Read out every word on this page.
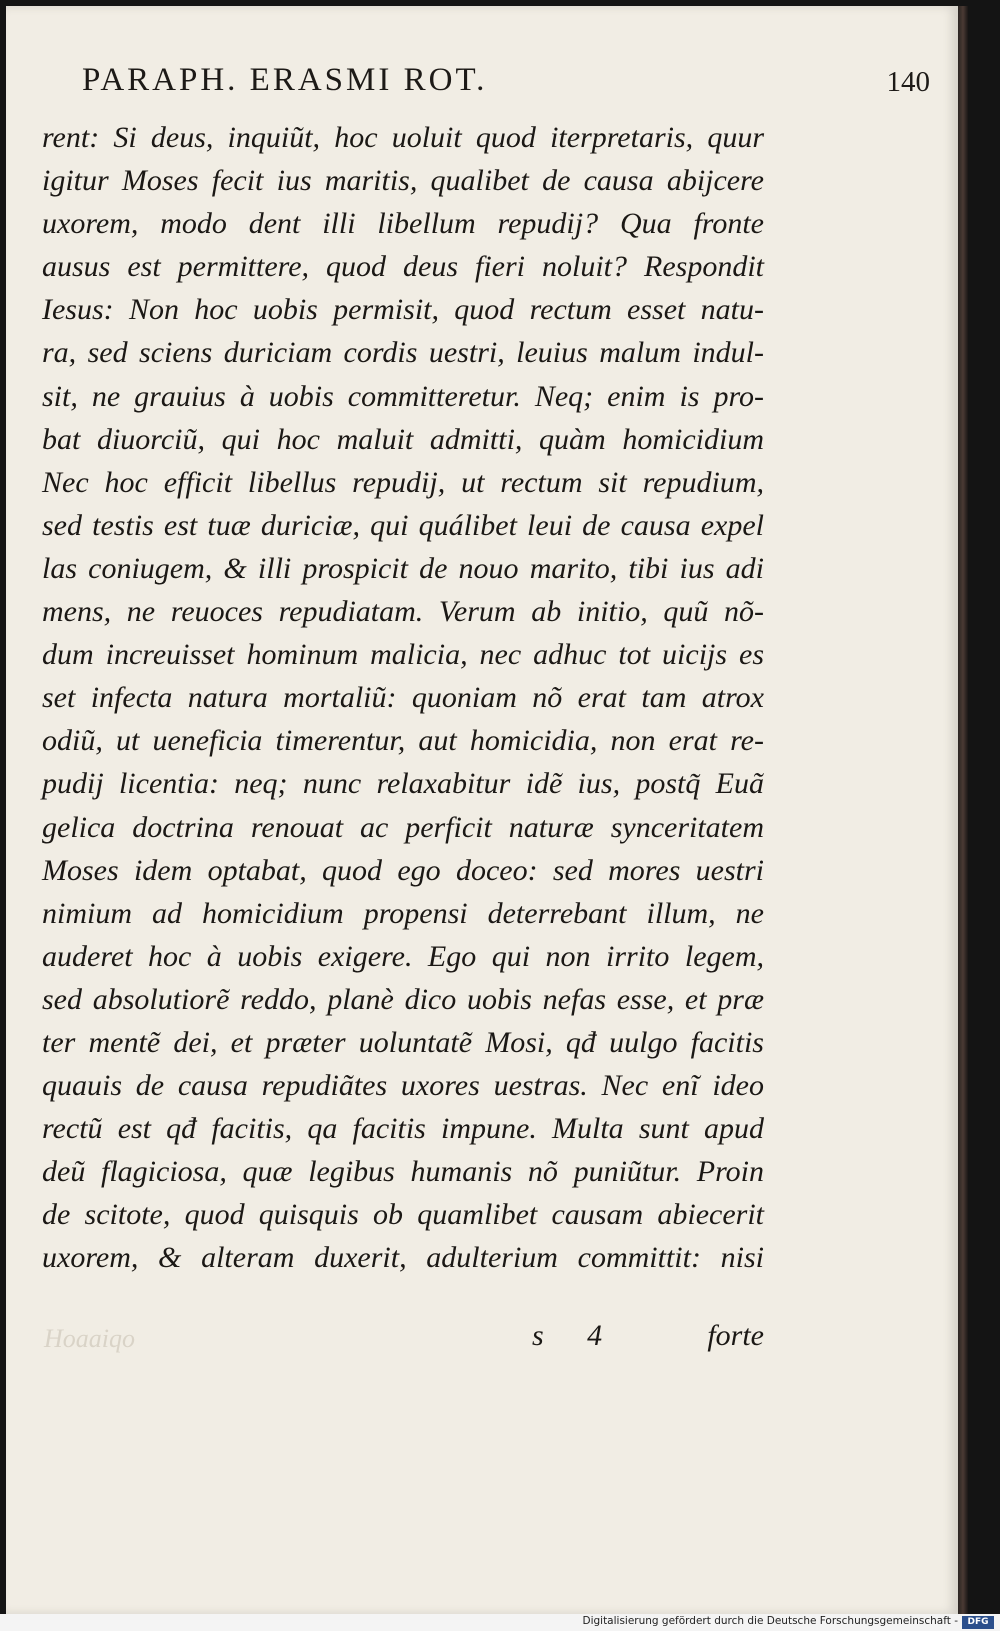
PARAPH. ERASMI ROT.	140
rent: Si deus, inquiũt, hoc uoluit quod iterpretaris, quur
igitur Moses fecit ius maritis, qualibet de causa abijcere
uxorem, modo dent illi libellum repudij? Qua fronte
ausus est permittere, quod deus fieri noluit? Respondit
Iesus: Non hoc uobis permisit, quod rectum esset natu-
ra, sed sciens duriciam cordis uestri, leuius malum indul-
sit, ne grauius à uobis committeretur. Neq; enim is pro-
bat diuorciũ, qui hoc maluit admitti, quàm homicidium
Nec hoc efficit libellus repudij, ut rectum sit repudium,
sed testis est tuæ duriciæ, qui quálibet leui de causa expel
las coniugem, & illi prospicit de nouo marito, tibi ius adi
mens, ne reuoces repudiatam. Verum ab initio, quũ nõ-
dum increuisset hominum malicia, nec adhuc tot uicijs es
set infecta natura mortaliũ: quoniam nõ erat tam atrox
odiũ, ut ueneficia timerentur, aut homicidia, non erat re-
pudij licentia: neq; nunc relaxabitur idẽ ius, postq̃ Euã
gelica doctrina renouat ac perficit naturæ synceritatem
Moses idem optabat, quod ego doceo: sed mores uestri
nimium ad homicidium propensi deterrebant illum, ne
auderet hoc à uobis exigere. Ego qui non irrito legem,
sed absolutiorẽ reddo, planè dico uobis nefas esse, et præ
ter mentẽ dei, et præter uoluntatẽ Mosi, qđ uulgo facitis
quauis de causa repudiãtes uxores uestras. Nec enĩ ideo
rectũ est qđ facitis, qa facitis impune. Multa sunt apud
deũ flagiciosa, quæ legibus humanis nõ puniũtur. Proin
de scitote, quod quisquis ob quamlibet causam abiecerit
uxorem, & alteram duxerit, adulterium committit: nisi
Hoaaiqo	s 4	forte
Digitalisierung gefördert durch die Deutsche Forschungsgemeinschaft -	DFG
